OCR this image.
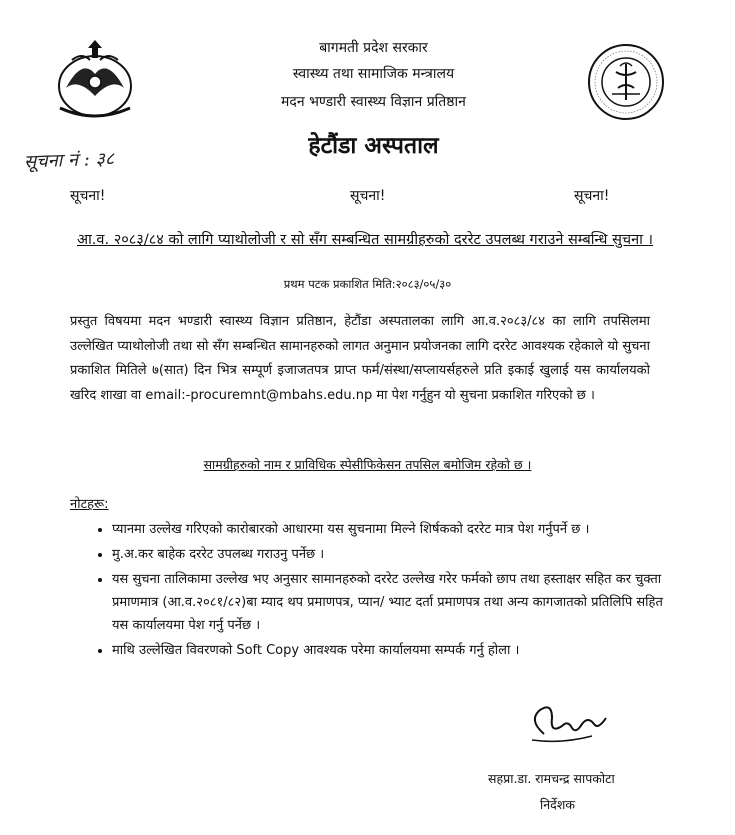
बागमती प्रदेश सरकार
स्वास्थ्य तथा सामाजिक मन्त्रालय
मदन भण्डारी स्वास्थ्य विज्ञान प्रतिष्ठान
हेटौंडा अस्पताल
सूचना नं : ३८
सूचना!	सूचना!	सूचना!
आ.व. २०८३/८४ को लागि प्याथोलोजी र सो सँग सम्बन्धित सामग्रीहरुको दररेट उपलब्ध गराउने सम्बन्धि सुचना ।
प्रथम पटक प्रकाशित मिति:२०८३/०५/३०
प्रस्तुत विषयमा मदन भण्डारी स्वास्थ्य विज्ञान प्रतिष्ठान, हेटौंडा अस्पतालका लागि आ.व.२०८३/८४ का लागि तपसिलमा उल्लेखित प्याथोलोजी तथा सो सँग सम्बन्धित सामानहरुको लागत अनुमान प्रयोजनका लागि दररेट आवश्यक रहेकाले यो सुचना प्रकाशित मितिले ७(सात) दिन भित्र सम्पूर्ण इजाजतपत्र प्राप्त फर्म/संस्था/सप्लायर्सहरुले प्रति इकाई खुलाई यस कार्यालयको खरिद शाखा वा email:-procuremnt@mbahs.edu.np मा पेश गर्नुहुन यो सुचना प्रकाशित गरिएको छ ।
सामग्रीहरुको नाम र प्राविधिक स्पेसीफिकेसन तपसिल बमोजिम रहेको छ ।
नोटहरू:
• प्यानमा उल्लेख गरिएको कारोबारको आधारमा यस सुचनामा मिल्ने शिर्षकको दररेट मात्र पेश गर्नुपर्ने छ ।
• मु.अ.कर बाहेक दररेट उपलब्ध गराउनु पर्नेछ ।
• यस सुचना तालिकामा उल्लेख भए अनुसार सामानहरुको दररेट उल्लेख गरेर फर्मको छाप तथा हस्ताक्षर सहित कर चुक्ता प्रमाणमात्र (आ.व.२०८१/८२)बा म्याद थप प्रमाणपत्र, प्यान/ भ्याट दर्ता प्रमाणपत्र तथा अन्य कागजातको प्रतिलिपि सहित यस कार्यालयमा पेश गर्नु पर्नेछ ।
• माथि उल्लेखित विवरणको Soft Copy आवश्यक परेमा कार्यालयमा सम्पर्क गर्नु होला ।
सहप्रा.डा. रामचन्द्र सापकोटा
निर्देशक
